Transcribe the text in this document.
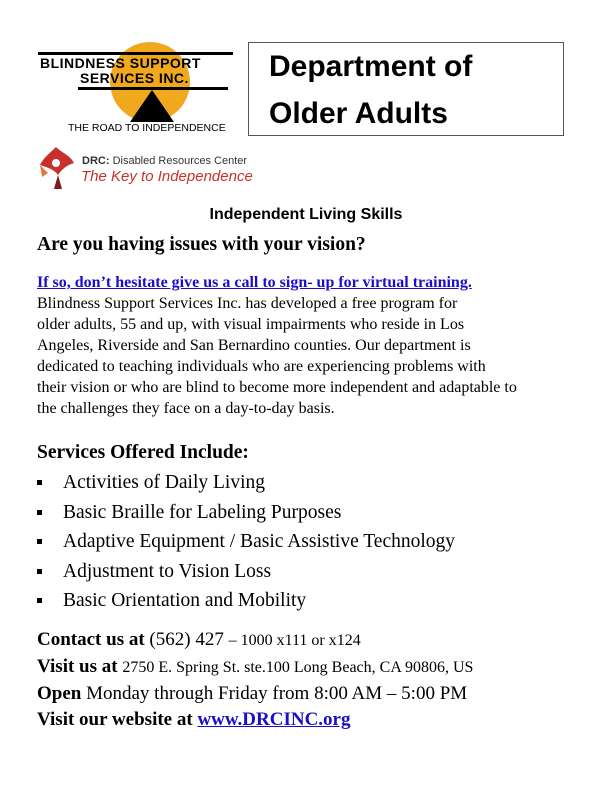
BLINDNESS SUPPORT
SERVICES INC.
THE ROAD TO INDEPENDENCE
Department of
Older Adults
DRC: Disabled Resources Center
The Key to Independence
Independent Living Skills
Are you having issues with your vision?
If so, don’t hesitate give us a call to sign- up for virtual training.
Blindness Support Services Inc. has developed a free program for
older adults, 55 and up, with visual impairments who reside in Los
Angeles, Riverside and San Bernardino counties. Our department is
dedicated to teaching individuals who are experiencing problems with
their vision or who are blind to become more independent and adaptable to
the challenges they face on a day-to-day basis.
Services Offered Include:
Activities of Daily Living
Basic Braille for Labeling Purposes
Adaptive Equipment / Basic Assistive Technology
Adjustment to Vision Loss
Basic Orientation and Mobility
Contact us at (562) 427 – 1000 x111 or x124
Visit us at 2750 E. Spring St. ste.100 Long Beach, CA 90806, US
Open Monday through Friday from 8:00 AM – 5:00 PM
Visit our website at www.DRCINC.org
